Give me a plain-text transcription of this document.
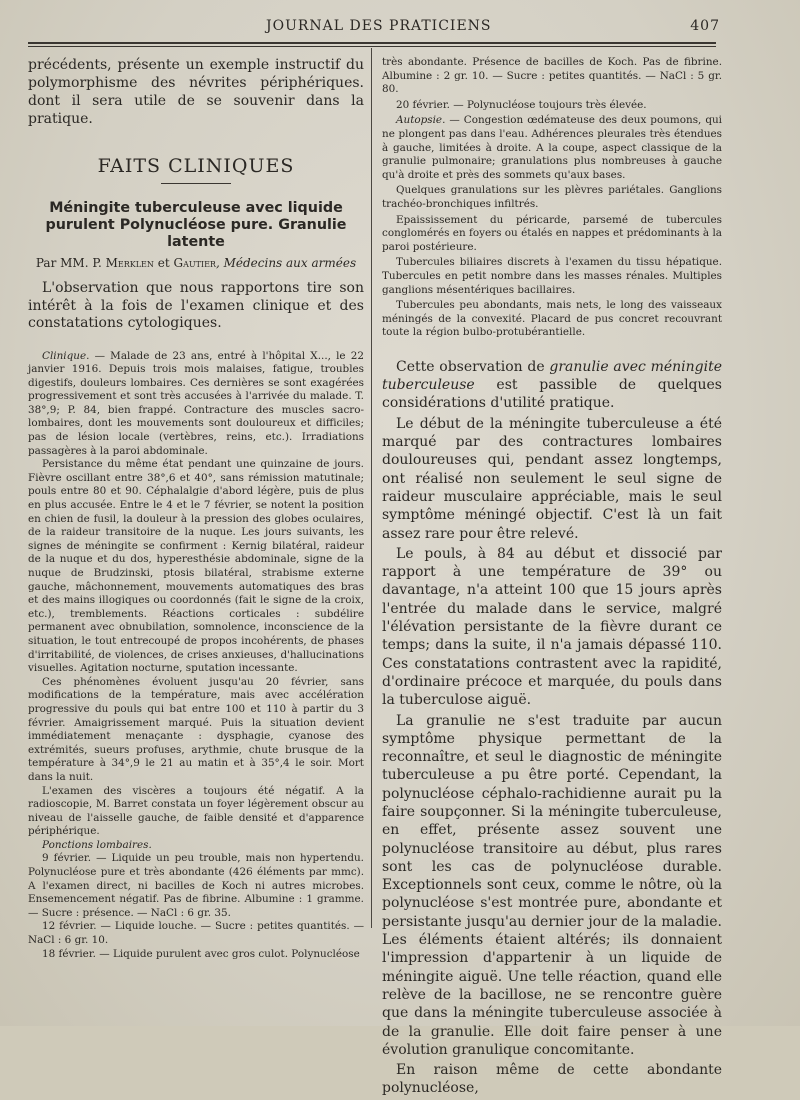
JOURNAL DES PRATICIENS	407

précédents, présente un exemple instructif du polymorphisme des névrites périphériques. dont il sera utile de se souvenir dans la pratique.

FAITS CLINIQUES

Méningite tuberculeuse avec liquide purulent Polynucléose pure. Granulie latente

Par MM. P. Merklen et Gautier, Médecins aux armées

L'observation que nous rapportons tire son intérêt à la fois de l'examen clinique et des constatations cytologiques.

Clinique. — Malade de 23 ans, entré à l'hôpital X..., le 22 janvier 1916. Depuis trois mois malaises, fatigue, troubles digestifs, douleurs lombaires. Ces dernières se sont exagérées progressivement et sont très accusées à l'arrivée du malade. T. 38°,9; P. 84, bien frappé. Contracture des muscles sacro-lombaires, dont les mouvements sont douloureux et difficiles; pas de lésion locale (vertèbres, reins, etc.). Irradiations passagères à la paroi abdominale.

Persistance du même état pendant une quinzaine de jours. Fièvre oscillant entre 38°,6 et 40°, sans rémission matutinale; pouls entre 80 et 90. Céphalalgie d'abord légère, puis de plus en plus accusée. Entre le 4 et le 7 février, se notent la position en chien de fusil, la douleur à la pression des globes oculaires, de la raideur transitoire de la nuque. Les jours suivants, les signes de méningite se confirment : Kernig bilatéral, raideur de la nuque et du dos, hyperesthésie abdominale, signe de la nuque de Brudzinski, ptosis bilatéral, strabisme externe gauche, mâchonnement, mouvements automatiques des bras et des mains illogiques ou coordonnés (fait le signe de la croix, etc.), tremblements. Réactions corticales : subdélire permanent avec obnubilation, somnolence, inconscience de la situation, le tout entrecoupé de propos incohérents, de phases d'irritabilité, de violences, de crises anxieuses, d'hallucinations visuelles. Agitation nocturne, sputation incessante.

Ces phénomènes évoluent jusqu'au 20 février, sans modifications de la température, mais avec accélération progressive du pouls qui bat entre 100 et 110 à partir du 3 février. Amaigrissement marqué. Puis la situation devient immédiatement menaçante : dysphagie, cyanose des extrémités, sueurs profuses, arythmie, chute brusque de la température à 34°,9 le 21 au matin et à 35°,4 le soir. Mort dans la nuit.

L'examen des viscères a toujours été négatif. A la radioscopie, M. Barret constata un foyer légèrement obscur au niveau de l'aisselle gauche, de faible densité et d'apparence périphérique.

Ponctions lombaires.

9 février. — Liquide un peu trouble, mais non hypertendu. Polynucléose pure et très abondante (426 éléments par mmc). A l'examen direct, ni bacilles de Koch ni autres microbes. Ensemencement négatif. Pas de fibrine. Albumine : 1 gramme. — Sucre : présence. — NaCl : 6 gr. 35.

12 février. — Liquide louche. — Sucre : petites quantités. — NaCl : 6 gr. 10.

18 février. — Liquide purulent avec gros culot. Polynucléose

très abondante. Présence de bacilles de Koch. Pas de fibrine. Albumine : 2 gr. 10. — Sucre : petites quantités. — NaCl : 5 gr. 80.

20 février. — Polynucléose toujours très élevée.

Autopsie. — Congestion œdémateuse des deux poumons, qui ne plongent pas dans l'eau. Adhérences pleurales très étendues à gauche, limitées à droite. A la coupe, aspect classique de la granulie pulmonaire; granulations plus nombreuses à gauche qu'à droite et près des sommets qu'aux bases.

Quelques granulations sur les plèvres pariétales. Ganglions trachéo-bronchiques infiltrés.

Epaississement du péricarde, parsemé de tubercules conglomérés en foyers ou étalés en nappes et prédominants à la paroi postérieure.

Tubercules biliaires discrets à l'examen du tissu hépatique. Tubercules en petit nombre dans les masses rénales. Multiples ganglions mésentériques bacillaires.

Tubercules peu abondants, mais nets, le long des vaisseaux méningés de la convexité. Placard de pus concret recouvrant toute la région bulbo-protubérantielle.

Cette observation de granulie avec méningite tuberculeuse est passible de quelques considérations d'utilité pratique.

Le début de la méningite tuberculeuse a été marqué par des contractures lombaires douloureuses qui, pendant assez longtemps, ont réalisé non seulement le seul signe de raideur musculaire appréciable, mais le seul symptôme méningé objectif. C'est là un fait assez rare pour être relevé.

Le pouls, à 84 au début et dissocié par rapport à une température de 39° ou davantage, n'a atteint 100 que 15 jours après l'entrée du malade dans le service, malgré l'élévation persistante de la fièvre durant ce temps; dans la suite, il n'a jamais dépassé 110. Ces constatations contrastent avec la rapidité, d'ordinaire précoce et marquée, du pouls dans la tuberculose aiguë.

La granulie ne s'est traduite par aucun symptôme physique permettant de la reconnaître, et seul le diagnostic de méningite tuberculeuse a pu être porté. Cependant, la polynucléose céphalo-rachidienne aurait pu la faire soupçonner. Si la méningite tuberculeuse, en effet, présente assez souvent une polynucléose transitoire au début, plus rares sont les cas de polynucléose durable. Exceptionnels sont ceux, comme le nôtre, où la polynucléose s'est montrée pure, abondante et persistante jusqu'au dernier jour de la maladie. Les éléments étaient altérés; ils donnaient l'impression d'appartenir à un liquide de méningite aiguë. Une telle réaction, quand elle relève de la bacillose, ne se rencontre guère que dans la méningite tuberculeuse associée à de la granulie. Elle doit faire penser à une évolution granulique concomitante.

En raison même de cette abondante polynucléose,
